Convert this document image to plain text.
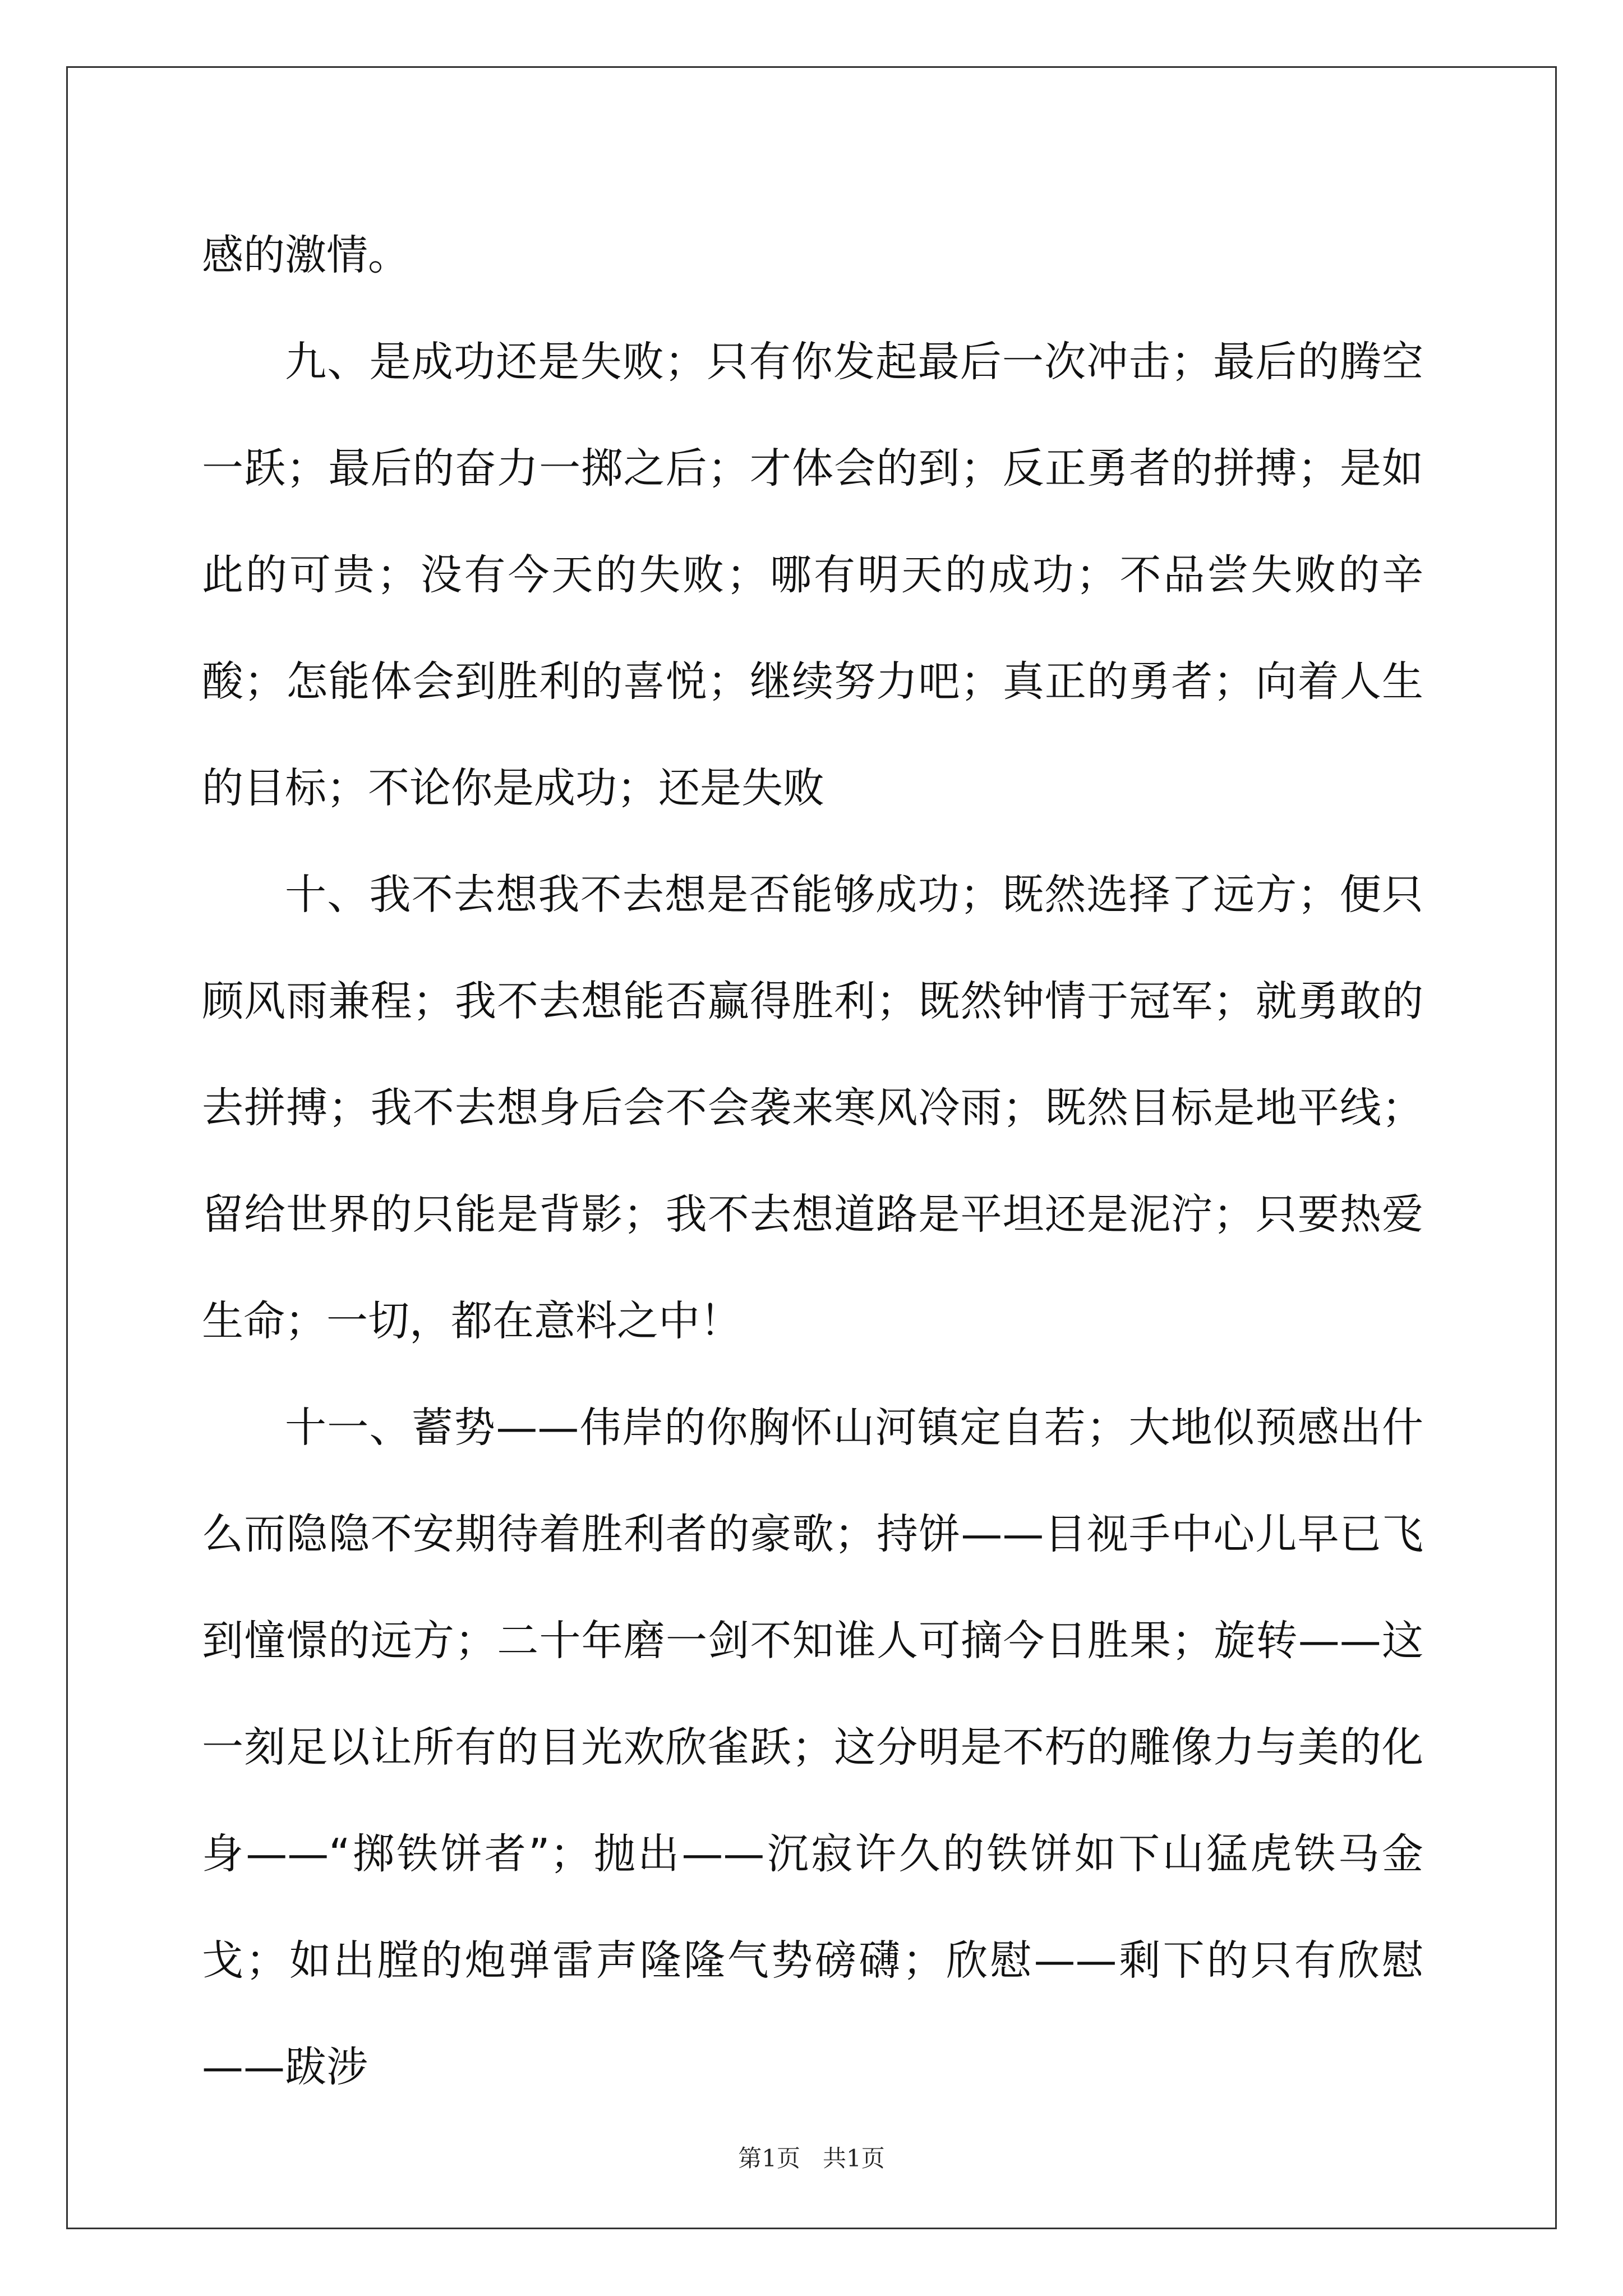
感的激情。

九、是成功还是失败；只有你发起最后一次冲击；最后的腾空一跃；最后的奋力一掷之后；才体会的到；反正勇者的拼搏；是如此的可贵；没有今天的失败；哪有明天的成功；不品尝失败的辛酸；怎能体会到胜利的喜悦；继续努力吧；真正的勇者；向着人生的目标；不论你是成功；还是失败

十、我不去想我不去想是否能够成功；既然选择了远方；便只顾风雨兼程；我不去想能否赢得胜利；既然钟情于冠军；就勇敢的去拼搏；我不去想身后会不会袭来寒风冷雨；既然目标是地平线；留给世界的只能是背影；我不去想道路是平坦还是泥泞；只要热爱生命；一切，都在意料之中！

十一、蓄势——伟岸的你胸怀山河镇定自若；大地似预感出什么而隐隐不安期待着胜利者的豪歌；持饼——目视手中心儿早已飞到憧憬的远方；二十年磨一剑不知谁人可摘今日胜果；旋转——这一刻足以让所有的目光欢欣雀跃；这分明是不朽的雕像力与美的化身——“掷铁饼者”；抛出——沉寂许久的铁饼如下山猛虎铁马金戈；如出膛的炮弹雷声隆隆气势磅礴；欣慰——剩下的只有欣慰——跋涉

第1页   共1页
